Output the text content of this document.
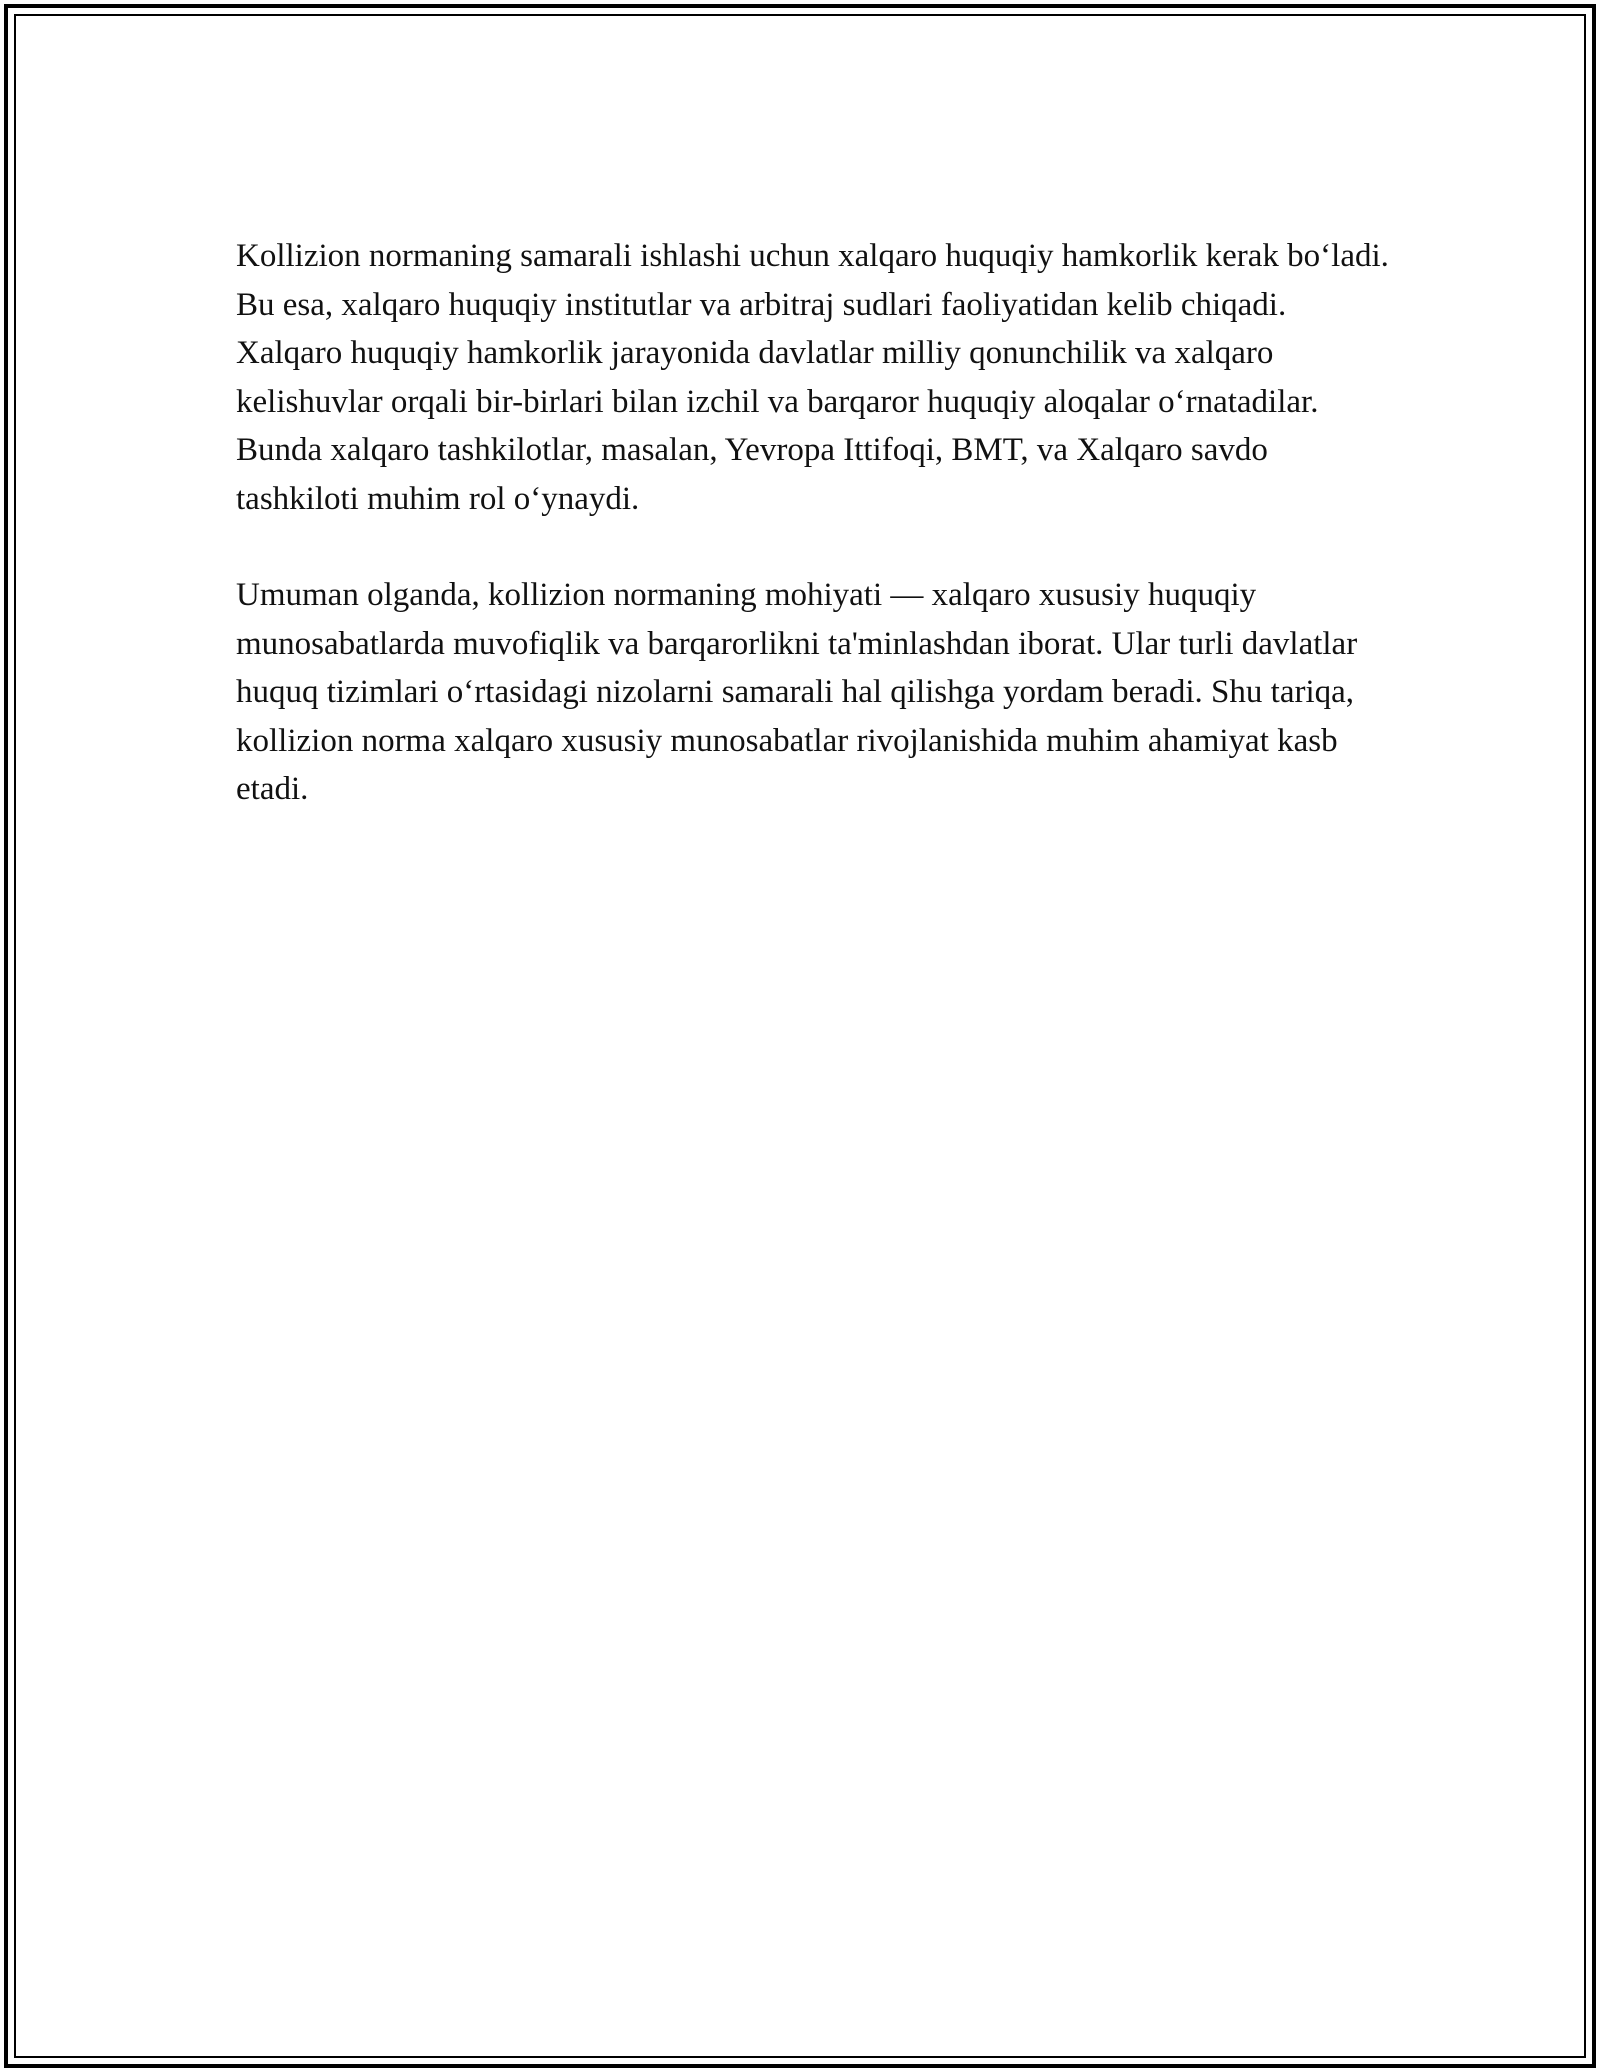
Kollizion normaning samarali ishlashi uchun xalqaro huquqiy hamkorlik kerak bo‘ladi. Bu esa, xalqaro huquqiy institutlar va arbitraj sudlari faoliyatidan kelib chiqadi. Xalqaro huquqiy hamkorlik jarayonida davlatlar milliy qonunchilik va xalqaro kelishuvlar orqali bir-birlari bilan izchil va barqaror huquqiy aloqalar o‘rnatadilar. Bunda xalqaro tashkilotlar, masalan, Yevropa Ittifoqi, BMT, va Xalqaro savdo tashkiloti muhim rol o‘ynaydi.

Umuman olganda, kollizion normaning mohiyati — xalqaro xususiy huquqiy munosabatlarda muvofiqlik va barqarorlikni ta'minlashdan iborat. Ular turli davlatlar huquq tizimlari o‘rtasidagi nizolarni samarali hal qilishga yordam beradi. Shu tariqa, kollizion norma xalqaro xususiy munosabatlar rivojlanishida muhim ahamiyat kasb etadi.
